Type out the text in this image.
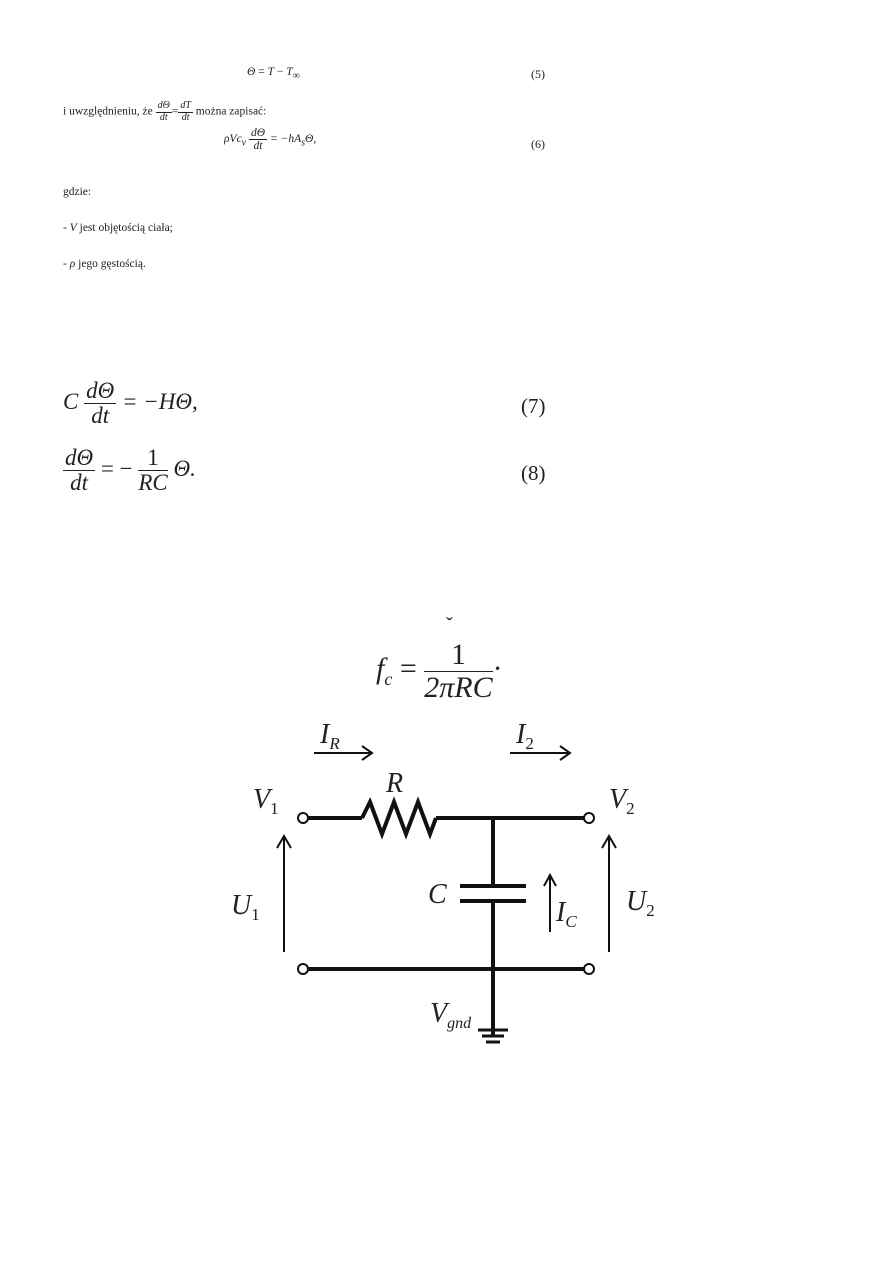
$\Theta = T - T_\infty$	(5)
i uwzględnieniu, że $\frac{d\Theta}{dt} = \frac{dT}{dt}$ można zapisać:
$\rho Vc_v \frac{d\Theta}{dt} = -hA_s\Theta$,	(6)
gdzie:
- V jest objętością ciała;
- ρ jego gęstością.
C $\frac{d\Theta}{dt} = -H\Theta$,	(7)
$\frac{d\Theta}{dt}$ = − $\frac{1}{RC} \Theta$.	(8)
ˇ
$f_c = \frac{1}{\text{2πRC}}$ ·
$I_R$	$I_2$
R
$V_1$	$V_2$
$U_1$	$U_2$
C
$I_C$
$V_{gnd}$
